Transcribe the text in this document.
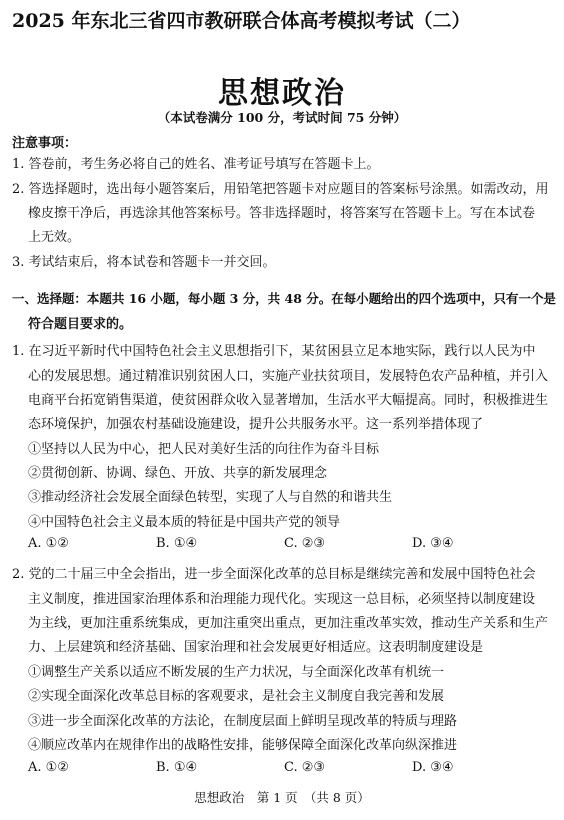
2025 年东北三省四市教研联合体高考模拟考试（二）
思想政治
（本试卷满分 100 分，考试时间 75 分钟）
注意事项：
1. 答卷前，考生务必将自己的姓名、准考证号填写在答题卡上。
2. 答选择题时，选出每小题答案后，用铅笔把答题卡对应题目的答案标号涂黑。如需改动，用
橡皮擦干净后，再选涂其他答案标号。答非选择题时，将答案写在答题卡上。写在本试卷
上无效。
3. 考试结束后，将本试卷和答题卡一并交回。
一、选择题：本题共 16 小题，每小题 3 分，共 48 分。在每小题给出的四个选项中，只有一个是
符合题目要求的。
1. 在习近平新时代中国特色社会主义思想指引下，某贫困县立足本地实际，践行以人民为中
心的发展思想。通过精准识别贫困人口，实施产业扶贫项目，发展特色农产品种植，并引入
电商平台拓宽销售渠道，使贫困群众收入显著增加，生活水平大幅提高。同时，积极推进生
态环境保护，加强农村基础设施建设，提升公共服务水平。这一系列举措体现了
①坚持以人民为中心，把人民对美好生活的向往作为奋斗目标
②贯彻创新、协调、绿色、开放、共享的新发展理念
③推动经济社会发展全面绿色转型，实现了人与自然的和谐共生
④中国特色社会主义最本质的特征是中国共产党的领导
A. ①②	B. ①④	C. ②③	D. ③④
2. 党的二十届三中全会指出，进一步全面深化改革的总目标是继续完善和发展中国特色社会
主义制度，推进国家治理体系和治理能力现代化。实现这一总目标，必须坚持以制度建设
为主线，更加注重系统集成，更加注重突出重点，更加注重改革实效，推动生产关系和生产
力、上层建筑和经济基础、国家治理和社会发展更好相适应。这表明制度建设是
①调整生产关系以适应不断发展的生产力状况，与全面深化改革有机统一
②实现全面深化改革总目标的客观要求，是社会主义制度自我完善和发展
③进一步全面深化改革的方法论，在制度层面上鲜明呈现改革的特质与理路
④顺应改革内在规律作出的战略性安排，能够保障全面深化改革向纵深推进
A. ①②	B. ①④	C. ②③	D. ③④
思想政治　第 1 页　（共 8 页）
